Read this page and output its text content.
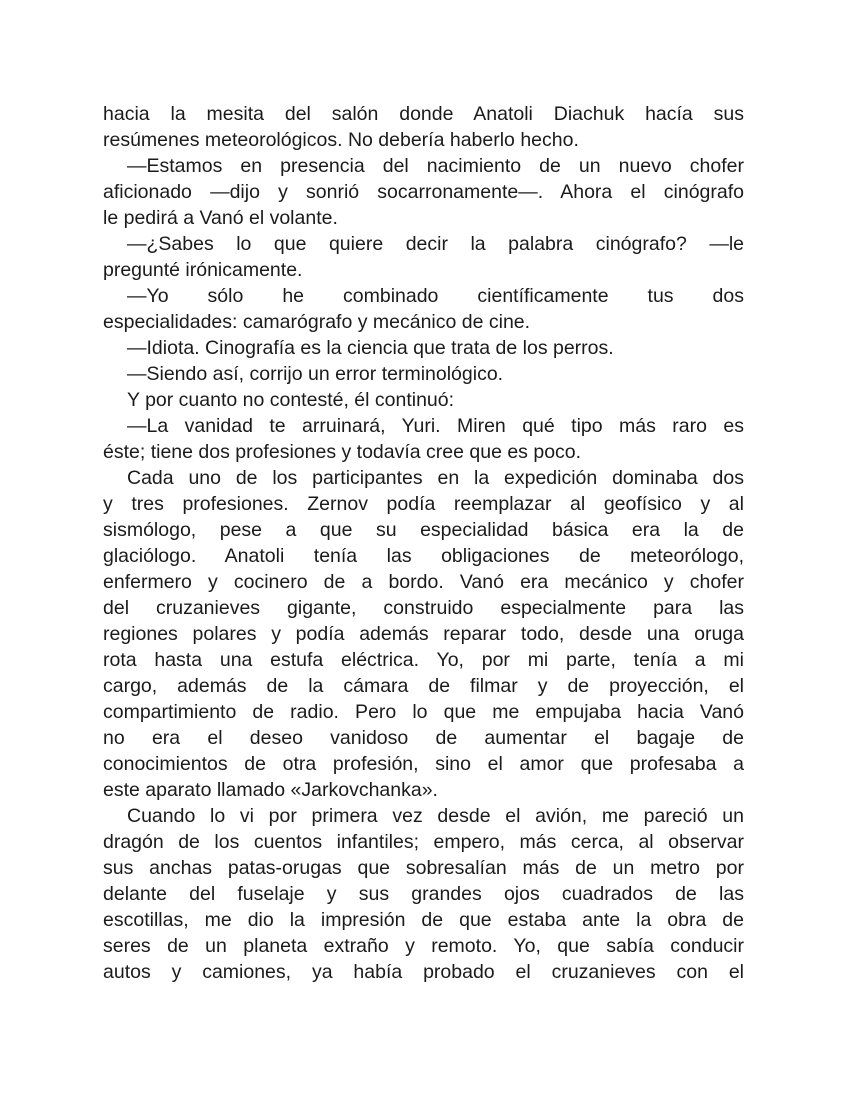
hacia la mesita del salón donde Anatoli Diachuk hacía sus
resúmenes meteorológicos. No debería haberlo hecho.
—Estamos en presencia del nacimiento de un nuevo chofer
aficionado —dijo y sonrió socarronamente—. Ahora el cinógrafo
le pedirá a Vanó el volante.
—¿Sabes lo que quiere decir la palabra cinógrafo? —le
pregunté irónicamente.
—Yo sólo he combinado científicamente tus dos
especialidades: camarógrafo y mecánico de cine.
—Idiota. Cinografía es la ciencia que trata de los perros.
—Siendo así, corrijo un error terminológico.
Y por cuanto no contesté, él continuó:
—La vanidad te arruinará, Yuri. Miren qué tipo más raro es
éste; tiene dos profesiones y todavía cree que es poco.
Cada uno de los participantes en la expedición dominaba dos
y tres profesiones. Zernov podía reemplazar al geofísico y al
sismólogo, pese a que su especialidad básica era la de
glaciólogo. Anatoli tenía las obligaciones de meteorólogo,
enfermero y cocinero de a bordo. Vanó era mecánico y chofer
del cruzanieves gigante, construido especialmente para las
regiones polares y podía además reparar todo, desde una oruga
rota hasta una estufa eléctrica. Yo, por mi parte, tenía a mi
cargo, además de la cámara de filmar y de proyección, el
compartimiento de radio. Pero lo que me empujaba hacia Vanó
no era el deseo vanidoso de aumentar el bagaje de
conocimientos de otra profesión, sino el amor que profesaba a
este aparato llamado «Jarkovchanka».
Cuando lo vi por primera vez desde el avión, me pareció un
dragón de los cuentos infantiles; empero, más cerca, al observar
sus anchas patas-orugas que sobresalían más de un metro por
delante del fuselaje y sus grandes ojos cuadrados de las
escotillas, me dio la impresión de que estaba ante la obra de
seres de un planeta extraño y remoto. Yo, que sabía conducir
autos y camiones, ya había probado el cruzanieves con el
